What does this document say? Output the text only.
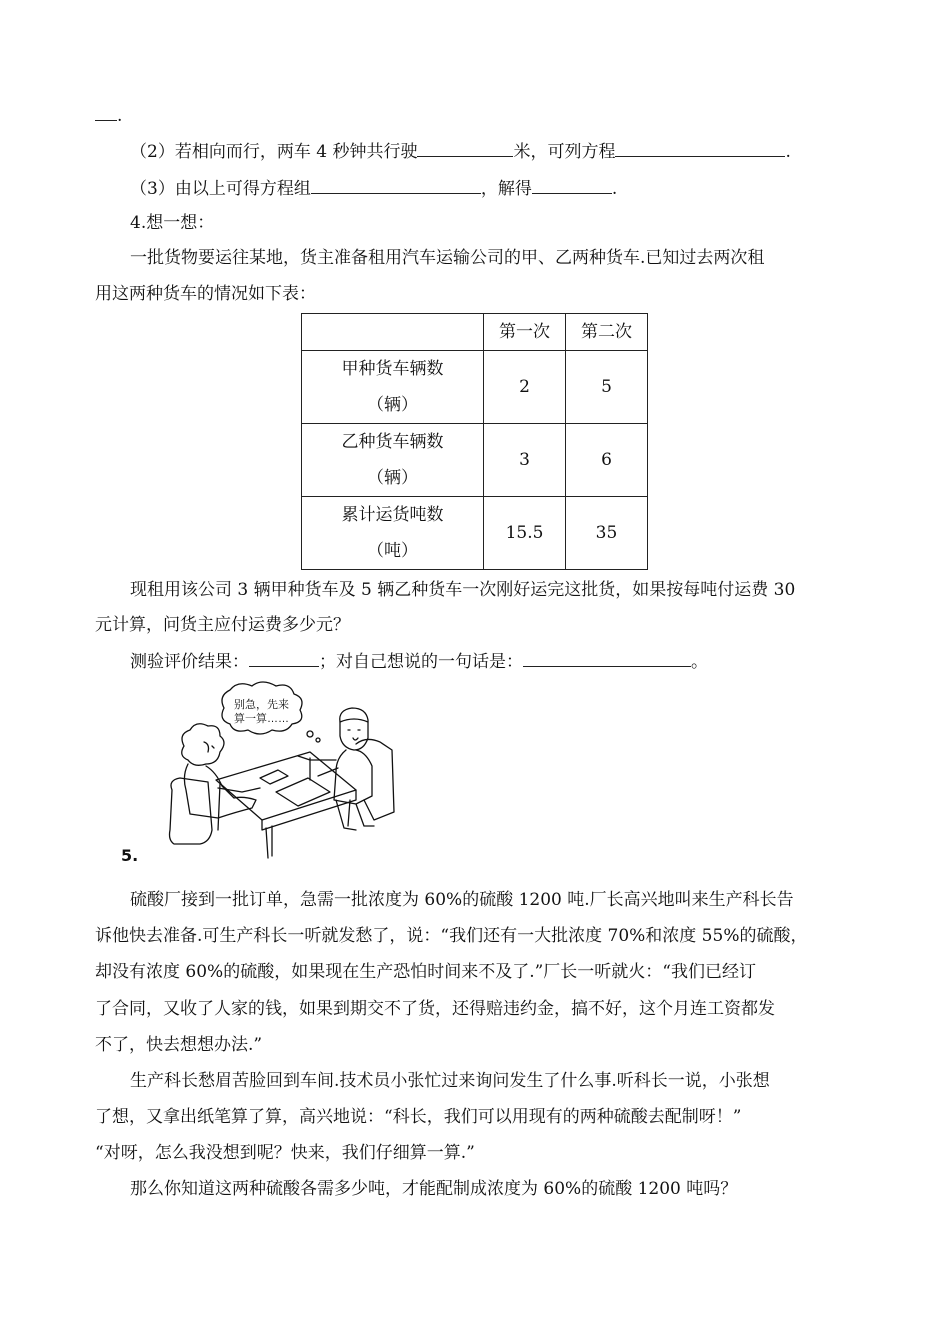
.
（2）若相向而行，两车 4 秒钟共行驶	米，可列方程	.
（3）由以上可得方程组	，解得	.
4.想一想：
一批货物要运往某地，货主准备租用汽车运输公司的甲、乙两种货车.已知过去两次租
用这两种货车的情况如下表：
	第一次	第二次

甲种货车辆数
（辆）	2	5

乙种货车辆数
（辆）	3	6

累计运货吨数
（吨）	15.5	35
现租用该公司 3 辆甲种货车及 5 辆乙种货车一次刚好运完这批货，如果按每吨付运费 30
元计算，问货主应付运费多少元？
测验评价结果：	；对自己想说的一句话是：	。
别急，先来
算一算……
5.
硫酸厂接到一批订单，急需一批浓度为 60%的硫酸 1200 吨.厂长高兴地叫来生产科长告
诉他快去准备.可生产科长一听就发愁了，说：“我们还有一大批浓度 70%和浓度 55%的硫酸，
却没有浓度 60%的硫酸，如果现在生产恐怕时间来不及了.”厂长一听就火：“我们已经订
了合同，又收了人家的钱，如果到期交不了货，还得赔违约金，搞不好，这个月连工资都发
不了，快去想想办法.”
生产科长愁眉苦脸回到车间.技术员小张忙过来询问发生了什么事.听科长一说，小张想
了想，又拿出纸笔算了算，高兴地说：“科长，我们可以用现有的两种硫酸去配制呀！”
“对呀，怎么我没想到呢？快来，我们仔细算一算.”
那么你知道这两种硫酸各需多少吨，才能配制成浓度为 60%的硫酸 1200 吨吗？
